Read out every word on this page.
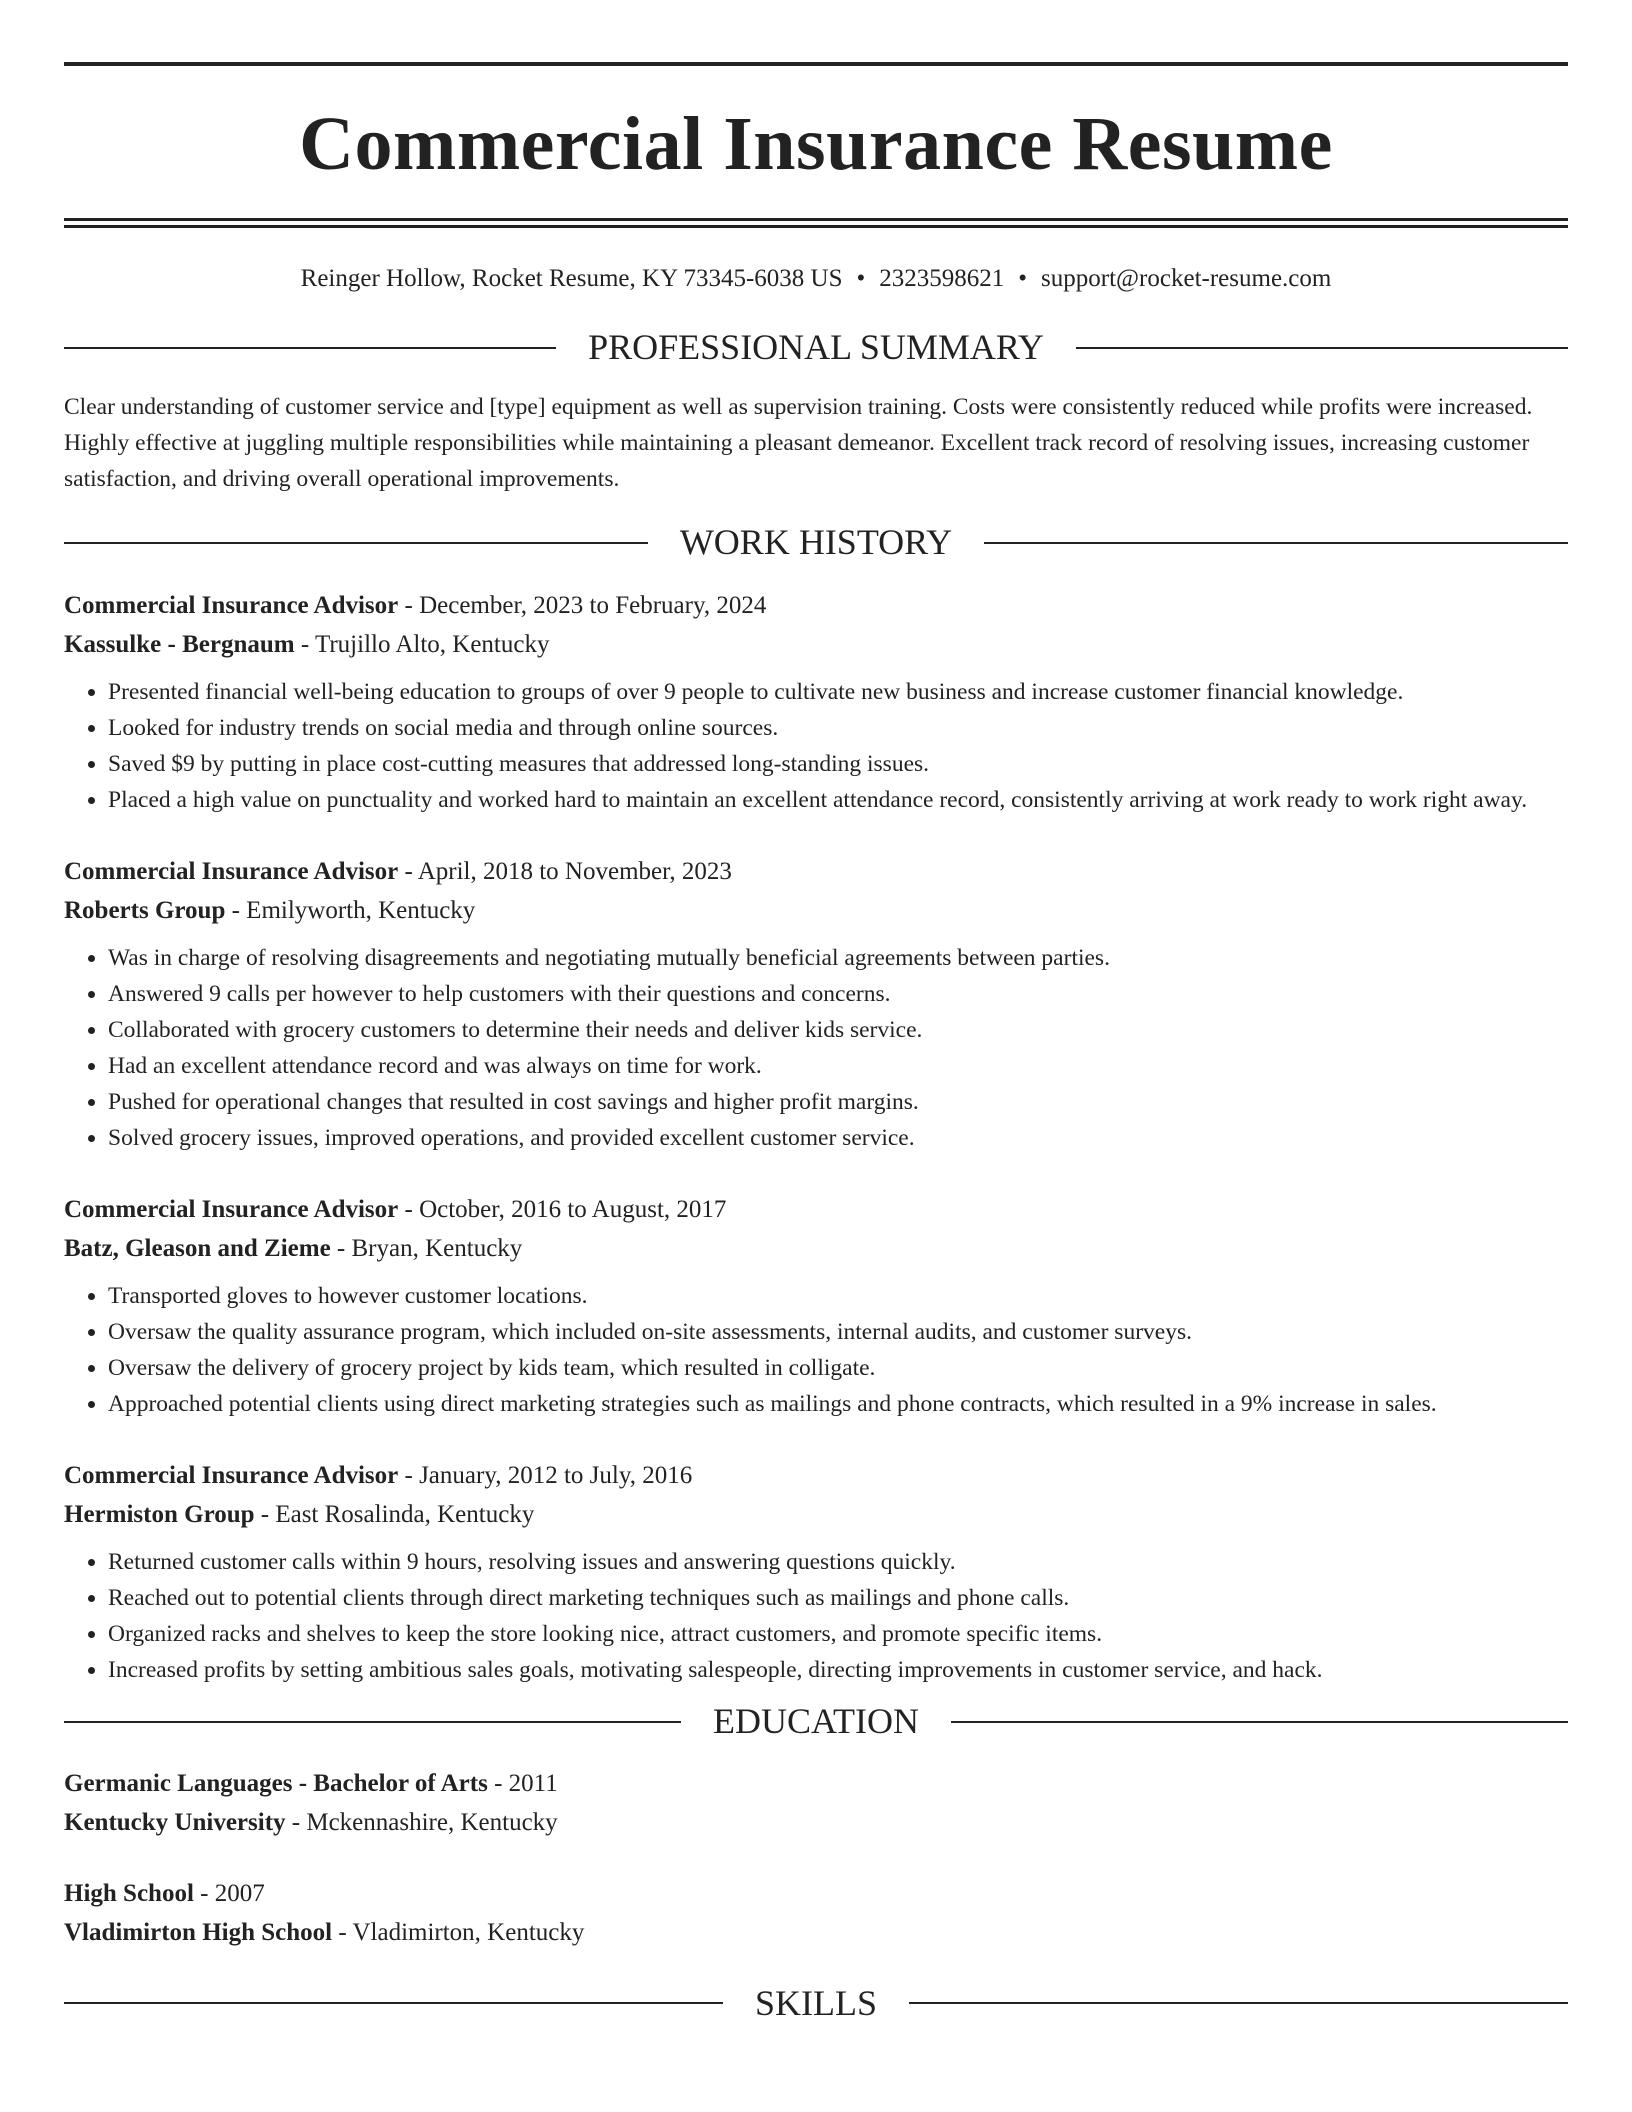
Commercial Insurance Resume
Reinger Hollow, Rocket Resume, KY 73345-6038 US • 2323598621 • support@rocket-resume.com
PROFESSIONAL SUMMARY

Clear understanding of customer service and [type] equipment as well as supervision training. Costs were consistently reduced while profits were increased. Highly effective at juggling multiple responsibilities while maintaining a pleasant demeanor. Excellent track record of resolving issues, increasing customer satisfaction, and driving overall operational improvements.

WORK HISTORY
Commercial Insurance Advisor - December, 2023 to February, 2024
Kassulke - Bergnaum - Trujillo Alto, Kentucky
• Presented financial well-being education to groups of over 9 people to cultivate new business and increase customer financial knowledge.
• Looked for industry trends on social media and through online sources.
• Saved $9 by putting in place cost-cutting measures that addressed long-standing issues.
• Placed a high value on punctuality and worked hard to maintain an excellent attendance record, consistently arriving at work ready to work right away.
Commercial Insurance Advisor - April, 2018 to November, 2023
Roberts Group - Emilyworth, Kentucky
• Was in charge of resolving disagreements and negotiating mutually beneficial agreements between parties.
• Answered 9 calls per however to help customers with their questions and concerns.
• Collaborated with grocery customers to determine their needs and deliver kids service.
• Had an excellent attendance record and was always on time for work.
• Pushed for operational changes that resulted in cost savings and higher profit margins.
• Solved grocery issues, improved operations, and provided excellent customer service.
Commercial Insurance Advisor - October, 2016 to August, 2017
Batz, Gleason and Zieme - Bryan, Kentucky
• Transported gloves to however customer locations.
• Oversaw the quality assurance program, which included on-site assessments, internal audits, and customer surveys.
• Oversaw the delivery of grocery project by kids team, which resulted in colligate.
• Approached potential clients using direct marketing strategies such as mailings and phone contracts, which resulted in a 9% increase in sales.
Commercial Insurance Advisor - January, 2012 to July, 2016
Hermiston Group - East Rosalinda, Kentucky
• Returned customer calls within 9 hours, resolving issues and answering questions quickly.
• Reached out to potential clients through direct marketing techniques such as mailings and phone calls.
• Organized racks and shelves to keep the store looking nice, attract customers, and promote specific items.
• Increased profits by setting ambitious sales goals, motivating salespeople, directing improvements in customer service, and hack.
EDUCATION
Germanic Languages - Bachelor of Arts - 2011
Kentucky University - Mckennashire, Kentucky
High School - 2007
Vladimirton High School - Vladimirton, Kentucky
SKILLS
